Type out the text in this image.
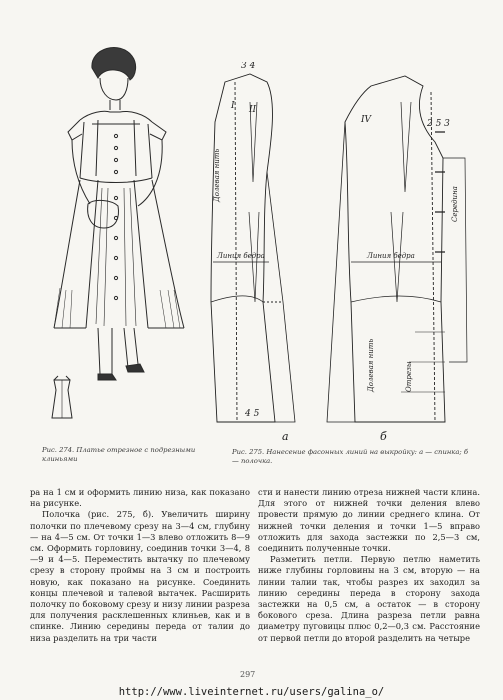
I II
IV
3 4
2 5 3
4 5
Линия бедра	Линия бедра
Долевая нить
Долевая нить
Середина
Отрезы
а	б
Рис. 274. Платье отрезное с подрезными клиньями
Рис. 275. Нанесение фасонных линий на выкройку: а — спинка; б — полочка.

ра на 1 см и оформить линию низа, как показано на рисунке.

Полочка (рис. 275, б). Увеличить ширину полочки по плечевому срезу на 3—4 см, глубину — на 4—5 см. От точки 1—3 влево отложить 8—9 см. Оформить горловину, соединив точки 3—4, 8—9 и 4—5. Переместить вытачку по плечевому срезу в сторону проймы на 3 см и построить новую, как показано на рисунке. Соединить концы плечевой и талевой вытачек. Расширить полочку по боковому срезу и низу линии разреза для получения расклешенных клиньев, как и в спинке. Линию середины переда от талии до низа разделить на три части

сти и нанести линию отреза нижней части клина. Для этого от нижней точки деления влево провести прямую до линии среднего клина. От нижней точки деления и точки 1—5 вправо отложить для захода застежки по 2,5—3 см, соединить полученные точки.

Разметить петли. Первую петлю наметить ниже глубины горловины на 3 см, вторую — на линии талии так, чтобы разрез их заходил за линию середины переда в сторону захода застежки на 0,5 см, а остаток — в сторону бокового среза. Длина разреза петли равна диаметру пуговицы плюс 0,2—0,3 см. Расстояние от первой петли до второй разделить на четыре

297
http://www.liveinternet.ru/users/galina_o/
